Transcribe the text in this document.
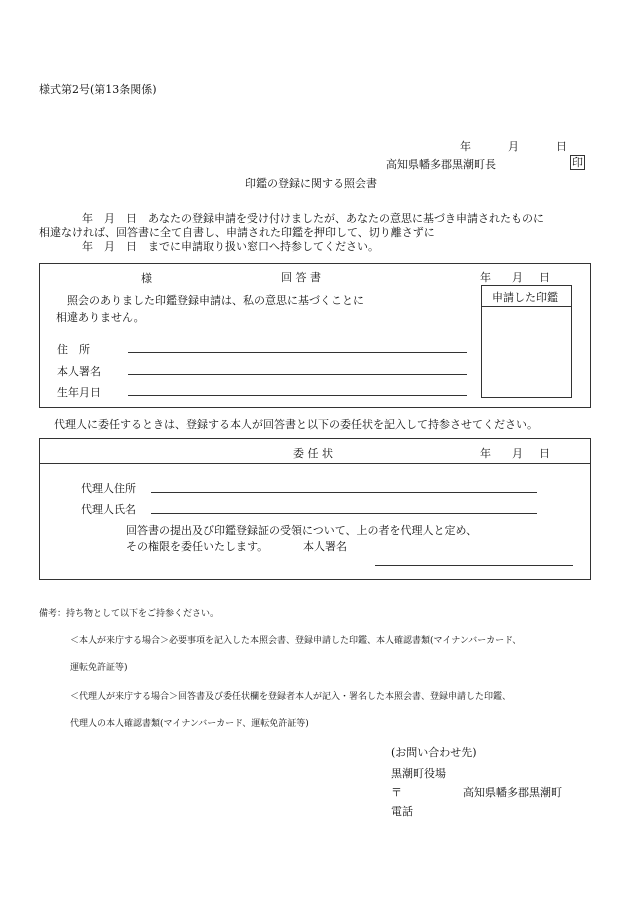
様式第2号(第13条関係)
年	月	日
高知県幡多郡黒潮町長	印
印鑑の登録に関する照会書
年　月　日　あなたの登録申請を受け付けましたが、あなたの意思に基づき申請されたものに
相違なければ、回答書に全て自書し、申請された印鑑を押印して、切り離さずに
年　月　日　までに申請取り扱い窓口へ持参してください。
様	回 答 書	年 月 日
照会のありました印鑑登録申請は、私の意思に基づくことに
相違ありません。
住　所
本人署名
生年月日
申請した印鑑
代理人に委任するときは、登録する本人が回答書と以下の委任状を記入して持参させてください。
委 任 状	年 月 日
代理人住所
代理人氏名
回答書の提出及び印鑑登録証の受領について、上の者を代理人と定め、
その権限を委任いたします。	本人署名
備考：持ち物として以下をご持参ください。
＜本人が来庁する場合＞必要事項を記入した本照会書、登録申請した印鑑、本人確認書類(マイナンバーカード、
運転免許証等)
＜代理人が来庁する場合＞回答書及び委任状欄を登録者本人が記入・署名した本照会書、登録申請した印鑑、
代理人の本人確認書類(マイナンバーカード、運転免許証等)
(お問い合わせ先)
黒潮町役場
〒	高知県幡多郡黒潮町
電話
